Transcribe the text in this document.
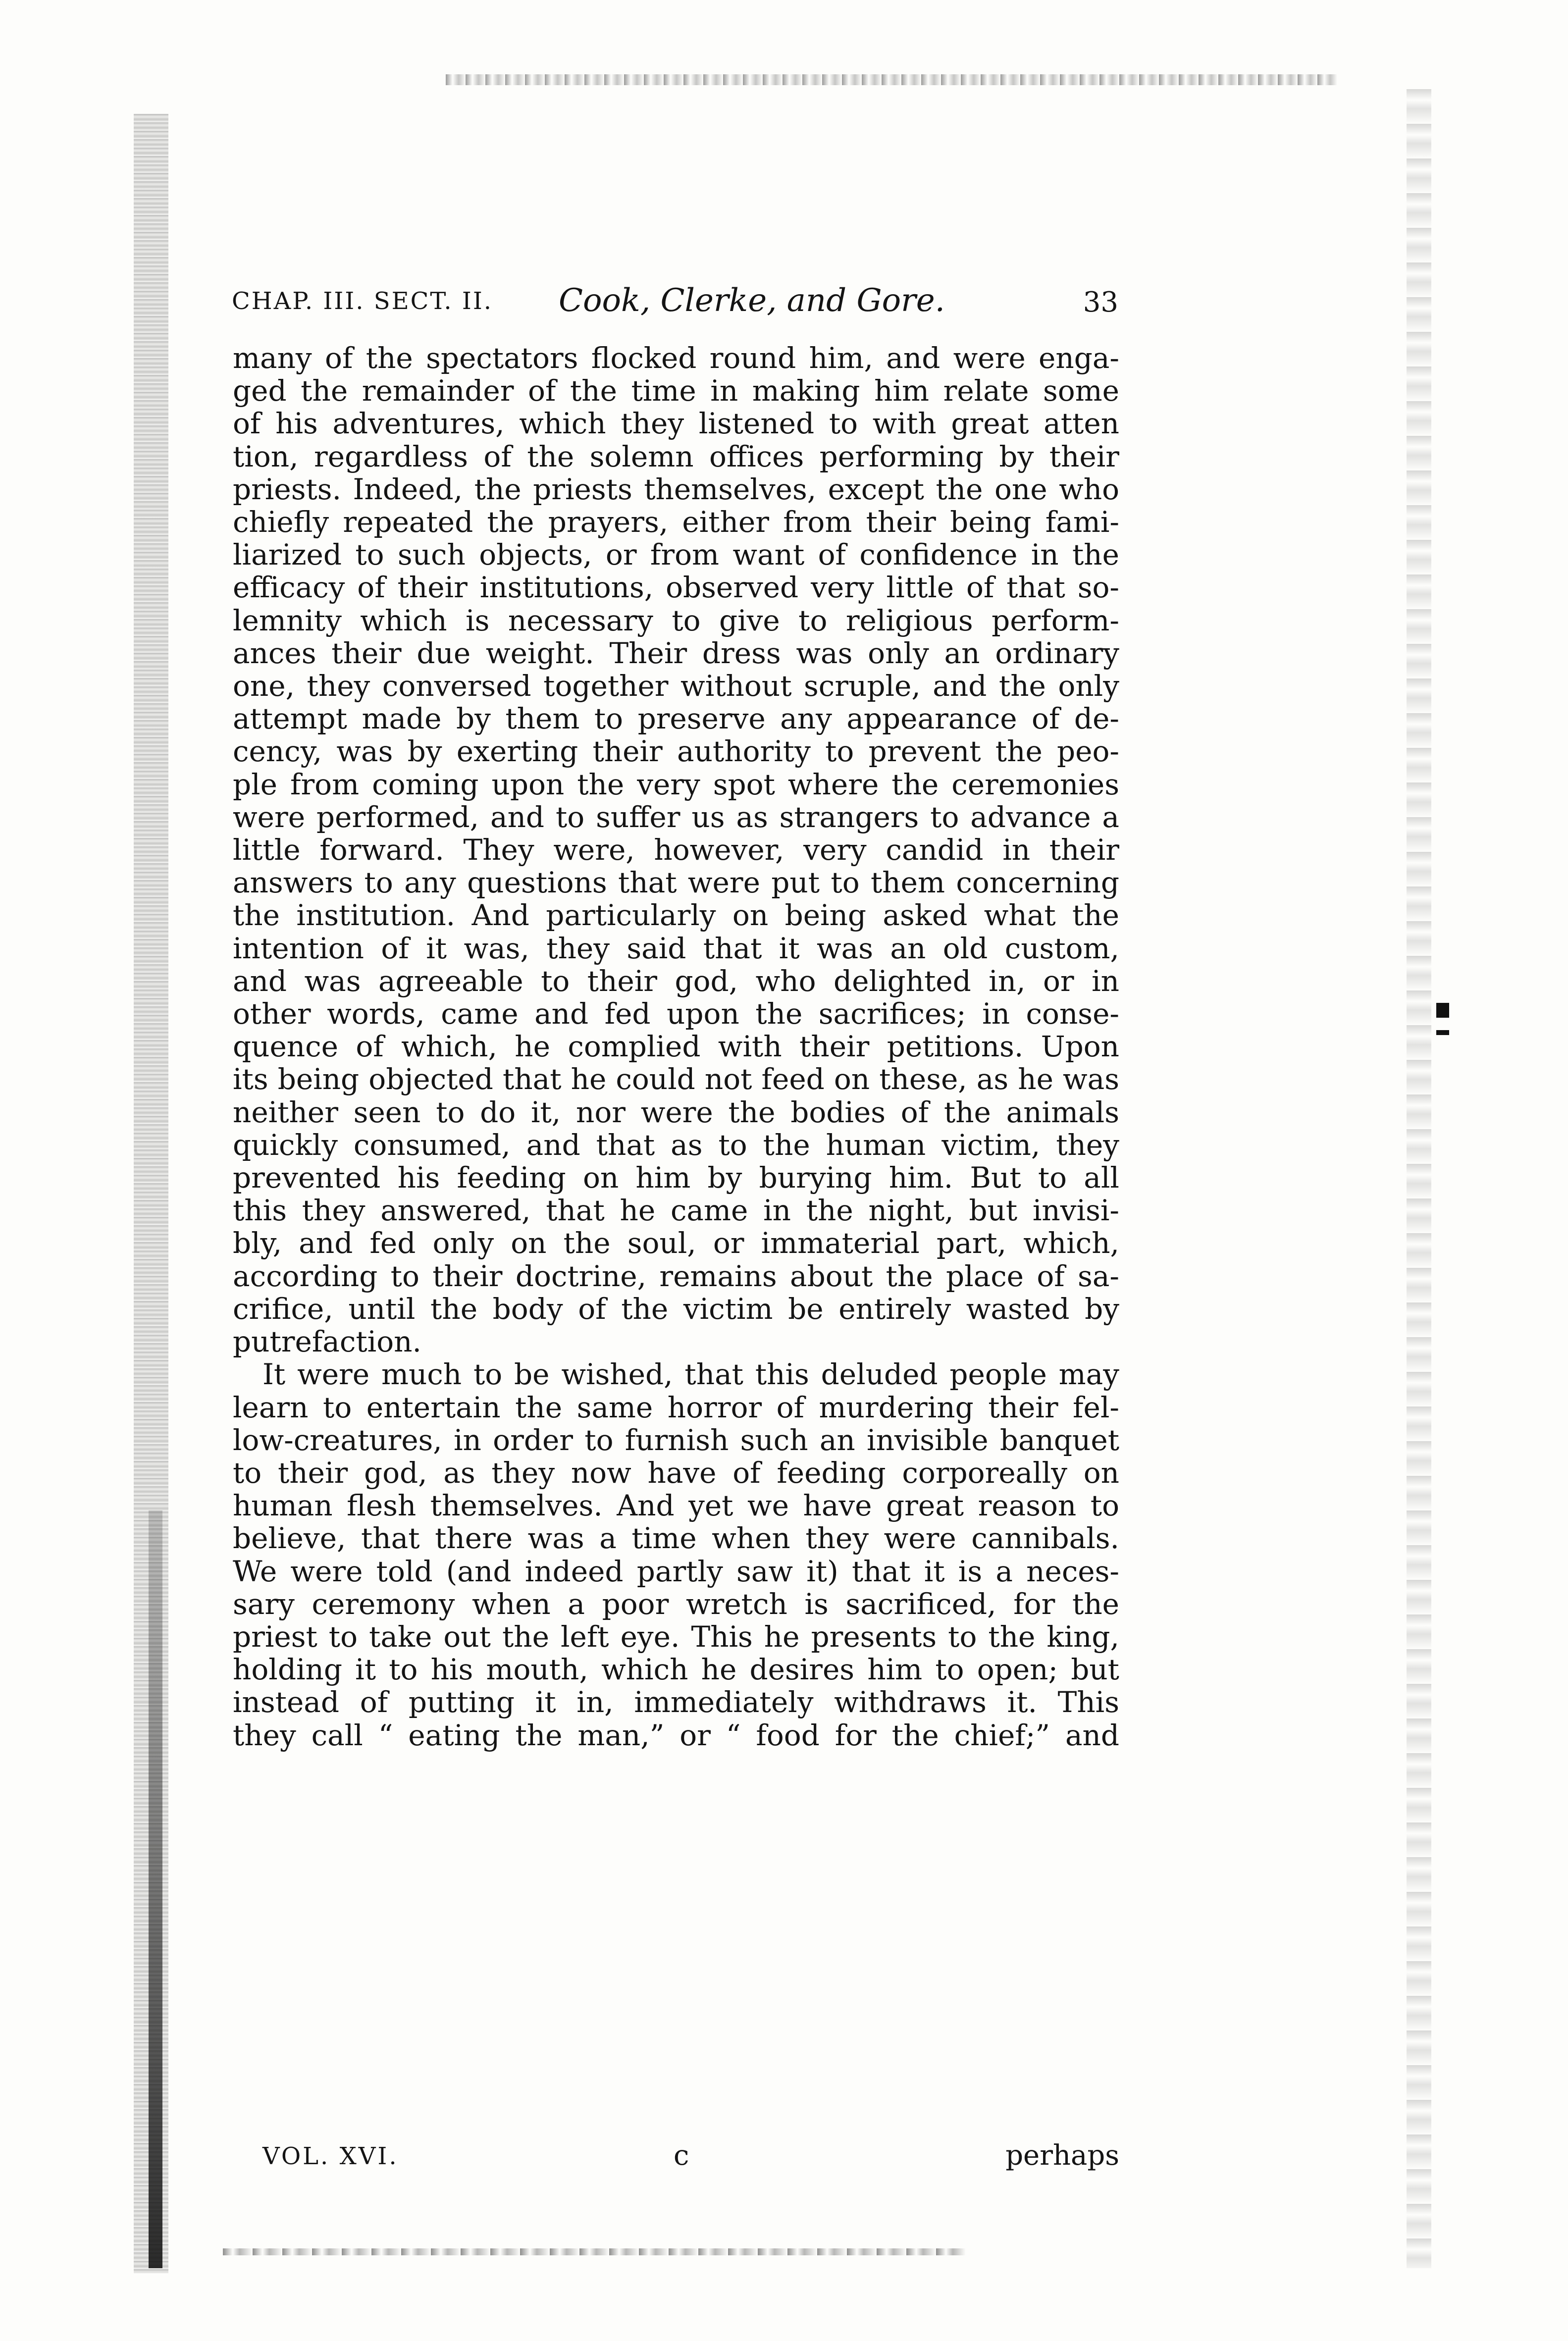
CHAP. III. SECT. II. Cook, Clerke, and Gore.	33
many of the spectators flocked round him, and were enga-
ged the remainder of the time in making him relate some
of his adventures, which they listened to with great atten
tion, regardless of the solemn offices performing by their
priests. Indeed, the priests themselves, except the one who
chiefly repeated the prayers, either from their being fami-
liarized to such objects, or from want of confidence in the
efficacy of their institutions, observed very little of that so-
lemnity which is necessary to give to religious perform-
ances their due weight. Their dress was only an ordinary
one, they conversed together without scruple, and the only
attempt made by them to preserve any appearance of de-
cency, was by exerting their authority to prevent the peo-
ple from coming upon the very spot where the ceremonies
were performed, and to suffer us as strangers to advance a
little forward. They were, however, very candid in their
answers to any questions that were put to them concerning
the institution. And particularly on being asked what the
intention of it was, they said that it was an old custom,
and was agreeable to their god, who delighted in, or in
other words, came and fed upon the sacrifices; in conse-
quence of which, he complied with their petitions. Upon
its being objected that he could not feed on these, as he was
neither seen to do it, nor were the bodies of the animals
quickly consumed, and that as to the human victim, they
prevented his feeding on him by burying him. But to all
this they answered, that he came in the night, but invisi-
bly, and fed only on the soul, or immaterial part, which,
according to their doctrine, remains about the place of sa-
crifice, until the body of the victim be entirely wasted by
putrefaction.
It were much to be wished, that this deluded people may
learn to entertain the same horror of murdering their fel-
low-creatures, in order to furnish such an invisible banquet
to their god, as they now have of feeding corporeally on
human flesh themselves. And yet we have great reason to
believe, that there was a time when they were cannibals.
We were told (and indeed partly saw it) that it is a neces-
sary ceremony when a poor wretch is sacrificed, for the
priest to take out the left eye. This he presents to the king,
holding it to his mouth, which he desires him to open; but
instead of putting it in, immediately withdraws it. This
they call “ eating the man,” or “ food for the chief;” and
VOL. XVI.	c	perhaps
